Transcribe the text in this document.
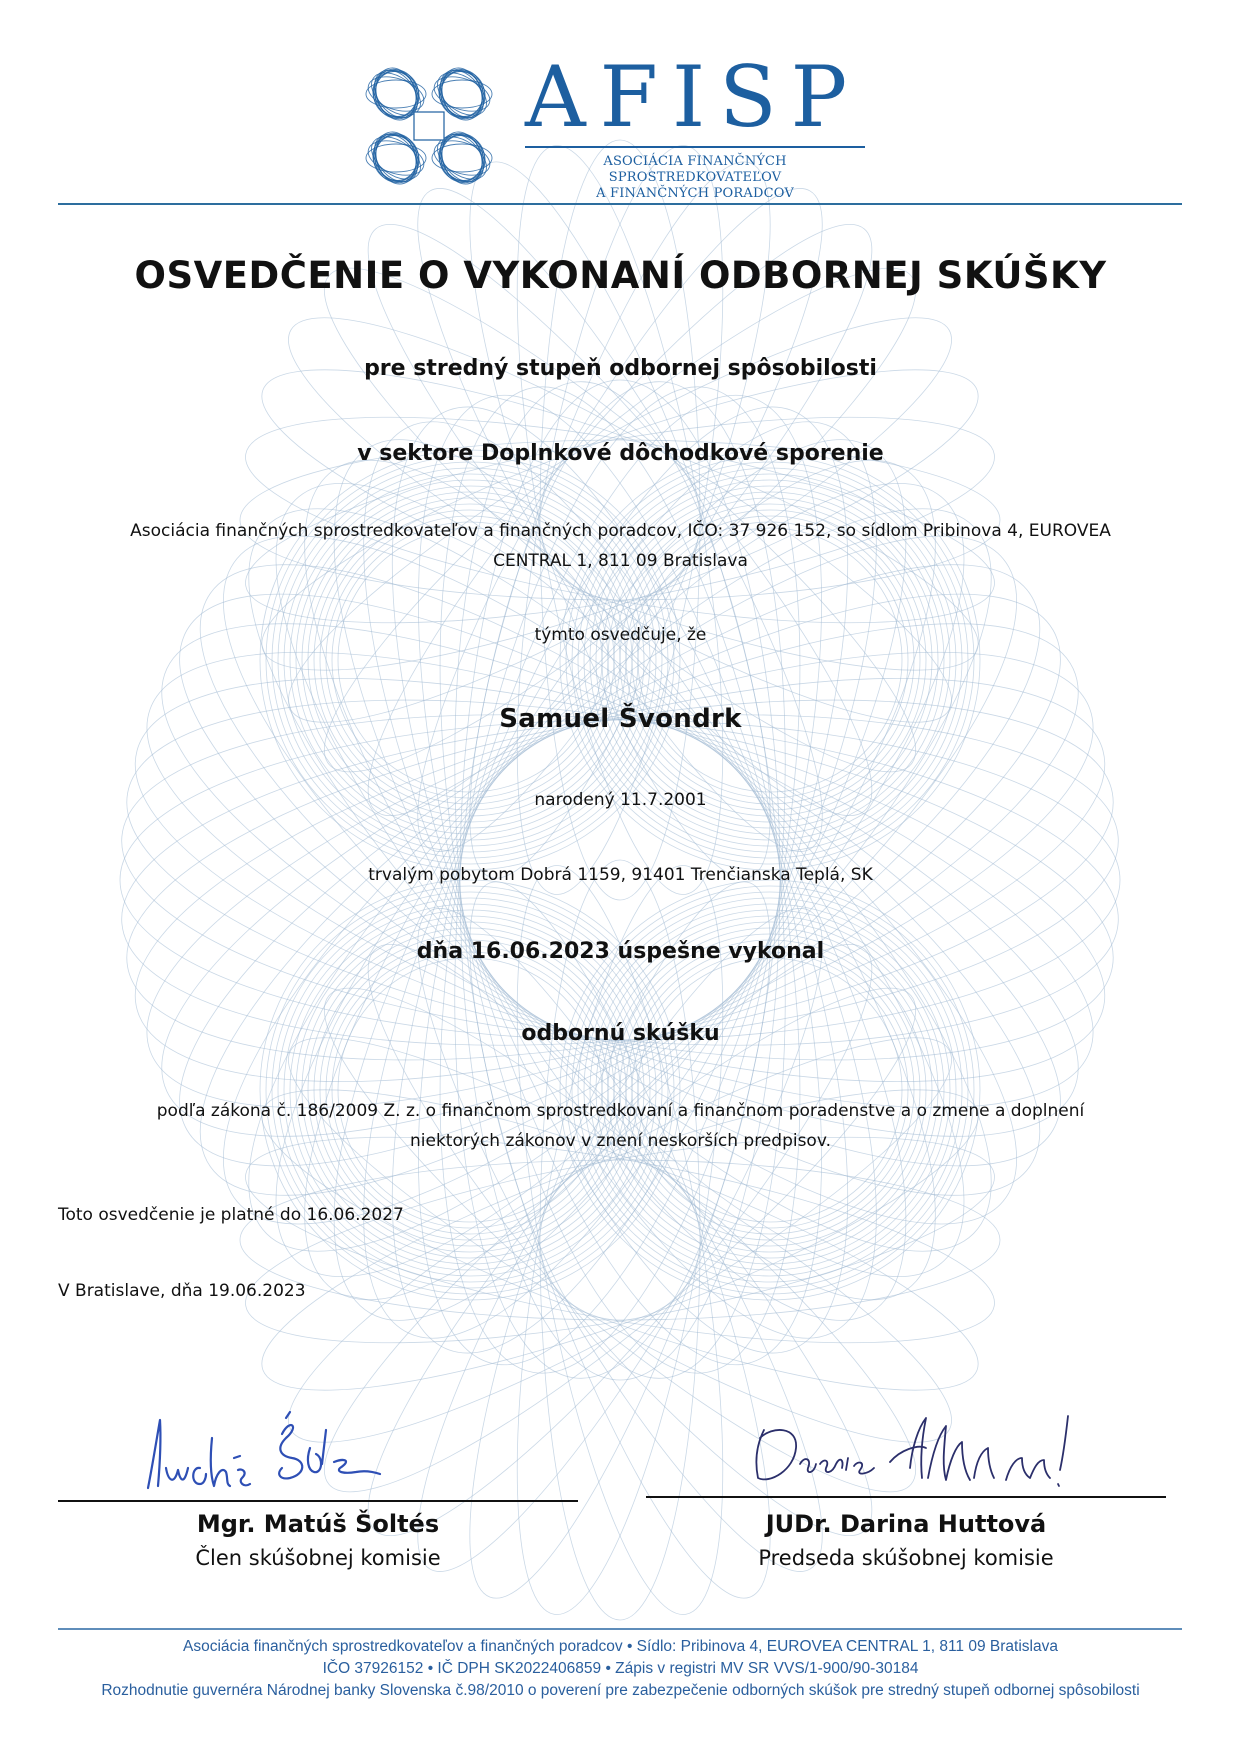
AFISP

ASOCIÁCIA FINANČNÝCH SPROSTREDKOVATEĽOV
A FINANČNÝCH PORADCOV
OSVEDČENIE O VYKONANÍ ODBORNEJ SKÚŠKY
pre stredný stupeň odbornej spôsobilosti
v sektore Doplnkové dôchodkové sporenie
Asociácia finančných sprostredkovateľov a finančných poradcov, IČO: 37 926 152, so sídlom Pribinova 4, EUROVEA
CENTRAL 1, 811 09 Bratislava
týmto osvedčuje, že
Samuel Švondrk
narodený 11.7.2001
trvalým pobytom Dobrá 1159, 91401 Trenčianska Teplá, SK
dňa 16.06.2023 úspešne vykonal
odbornú skúšku
podľa zákona č. 186/2009 Z. z. o finančnom sprostredkovaní a finančnom poradenstve a o zmene a doplnení
niektorých zákonov v znení neskorších predpisov.
Toto osvedčenie je platné do 16.06.2027
V Bratislave, dňa 19.06.2023
Mgr. Matúš Šoltés
Člen skúšobnej komisie
JUDr. Darina Huttová
Predseda skúšobnej komisie
Asociácia finančných sprostredkovateľov a finančných poradcov • Sídlo: Pribinova 4, EUROVEA CENTRAL 1, 811 09 Bratislava
IČO 37926152 • IČ DPH SK2022406859 • Zápis v registri MV SR VVS/1-900/90-30184
Rozhodnutie guvernéra Národnej banky Slovenska č.98/2010 o poverení pre zabezpečenie odborných skúšok pre stredný stupeň odbornej spôsobilosti
